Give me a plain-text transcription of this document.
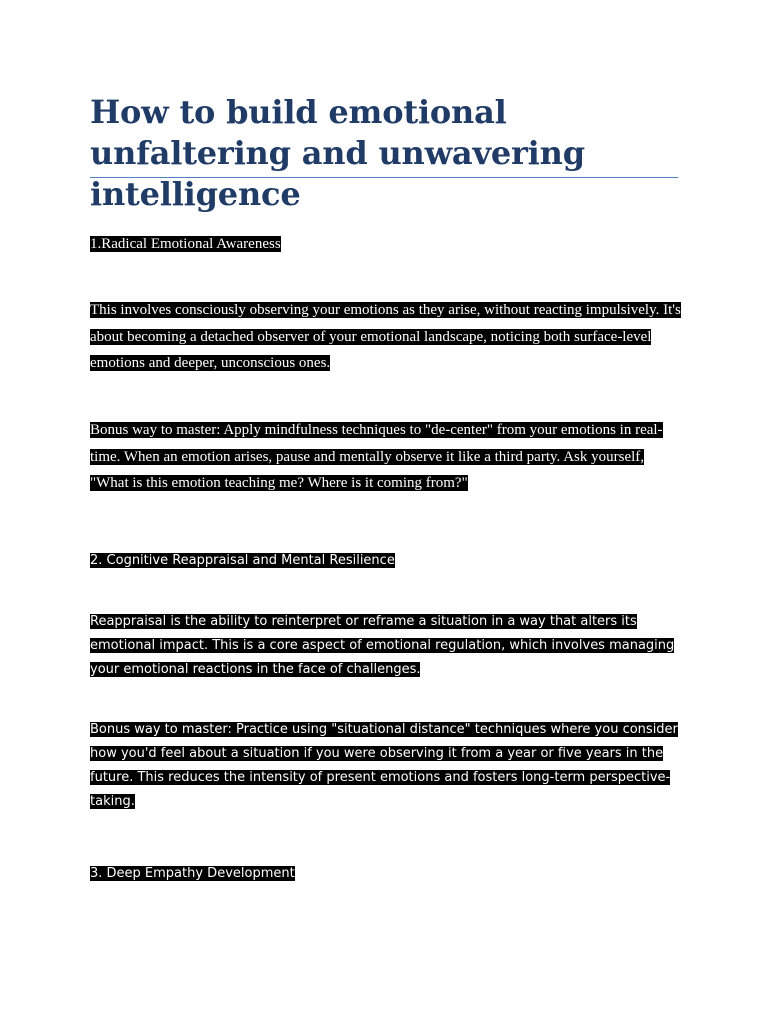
How to build emotional unfaltering and unwavering intelligence

1.Radical Emotional Awareness

This involves consciously observing your emotions as they arise, without reacting impulsively. It's about becoming a detached observer of your emotional landscape, noticing both surface-level emotions and deeper, unconscious ones.

Bonus way to master: Apply mindfulness techniques to "de-center" from your emotions in real-time. When an emotion arises, pause and mentally observe it like a third party. Ask yourself, "What is this emotion teaching me? Where is it coming from?"

2. Cognitive Reappraisal and Mental Resilience

Reappraisal is the ability to reinterpret or reframe a situation in a way that alters its emotional impact. This is a core aspect of emotional regulation, which involves managing your emotional reactions in the face of challenges.

Bonus way to master: Practice using "situational distance" techniques where you consider how you'd feel about a situation if you were observing it from a year or five years in the future. This reduces the intensity of present emotions and fosters long-term perspective-taking.

3. Deep Empathy Development
